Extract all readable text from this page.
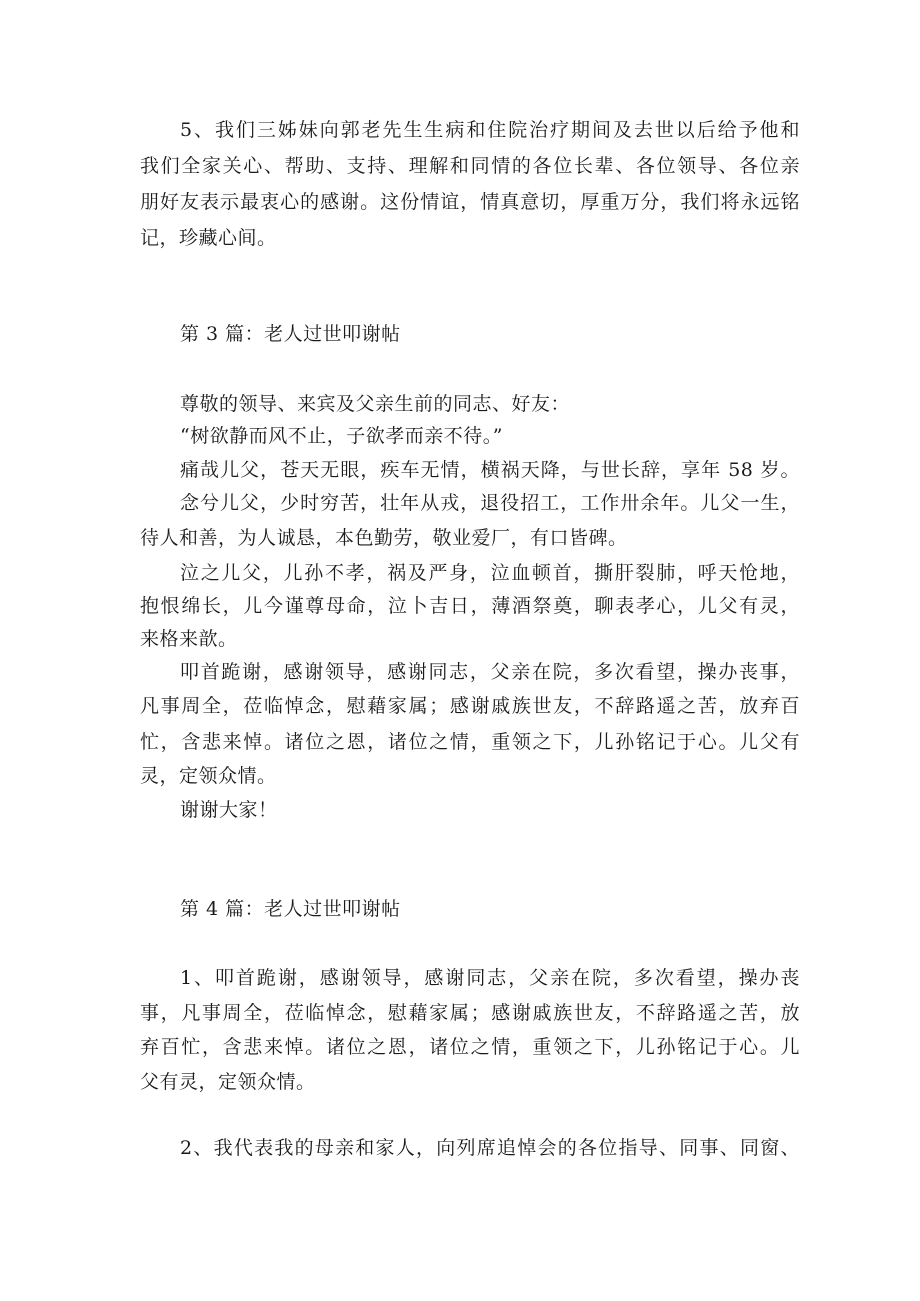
5、我们三姊妹向郭老先生生病和住院治疗期间及去世以后给予他和
我们全家关心、帮助、支持、理解和同情的各位长辈、各位领导、各位亲
朋好友表示最衷心的感谢。这份情谊，情真意切，厚重万分，我们将永远铭
记，珍藏心间。
第 3 篇：老人过世叩谢帖
尊敬的领导、来宾及父亲生前的同志、好友：
“树欲静而风不止，子欲孝而亲不待。”
痛哉儿父，苍天无眼，疾车无情，横祸天降，与世长辞，享年 58 岁。
念兮儿父，少时穷苦，壮年从戎，退役招工，工作卅余年。儿父一生，
待人和善，为人诚恳，本色勤劳，敬业爱厂，有口皆碑。
泣之儿父，儿孙不孝，祸及严身，泣血顿首，撕肝裂肺，呼天怆地，
抱恨绵长，儿今谨尊母命，泣卜吉日，薄酒祭奠，聊表孝心，儿父有灵，
来格来歆。
叩首跪谢，感谢领导，感谢同志，父亲在院，多次看望，操办丧事，
凡事周全，莅临悼念，慰藉家属；感谢戚族世友，不辞路遥之苦，放弃百
忙，含悲来悼。诸位之恩，诸位之情，重领之下，儿孙铭记于心。儿父有
灵，定领众情。
谢谢大家！
第 4 篇：老人过世叩谢帖
1、叩首跪谢，感谢领导，感谢同志，父亲在院，多次看望，操办丧
事，凡事周全，莅临悼念，慰藉家属；感谢戚族世友，不辞路遥之苦，放
弃百忙，含悲来悼。诸位之恩，诸位之情，重领之下，儿孙铭记于心。儿
父有灵，定领众情。
2、我代表我的母亲和家人，向列席追悼会的各位指导、同事、同窗、
